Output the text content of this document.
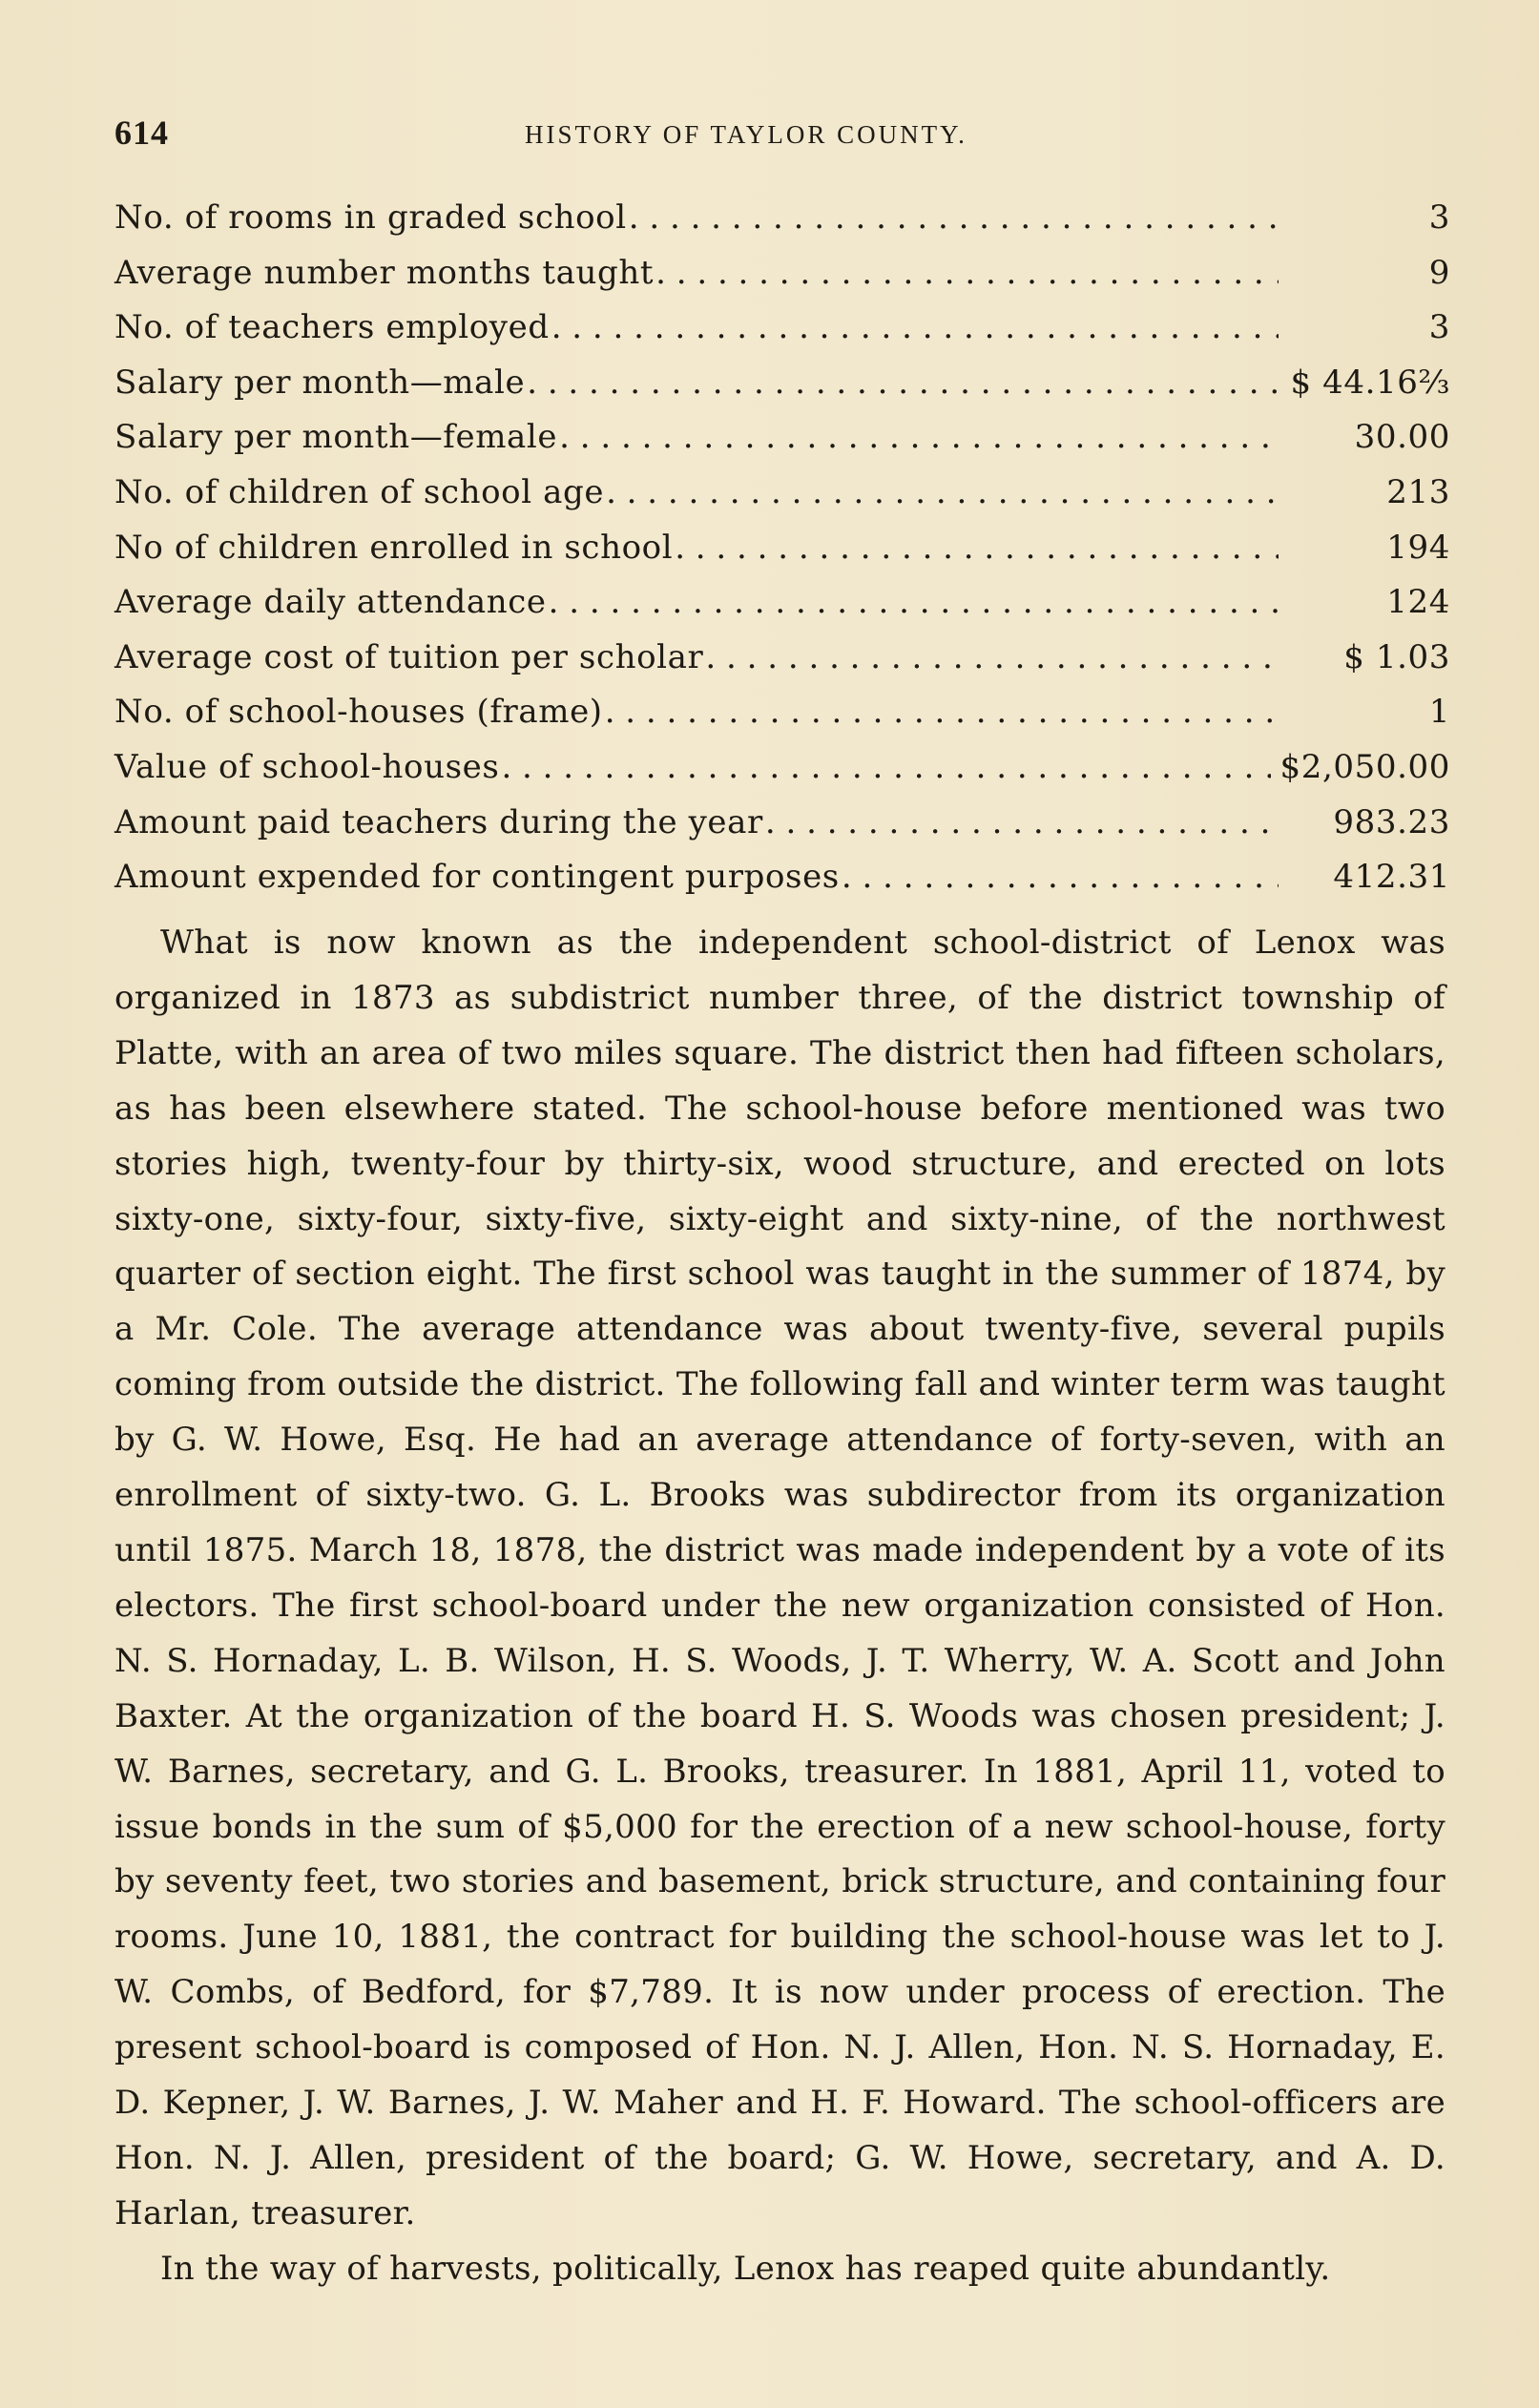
614	HISTORY OF TAYLOR COUNTY.
No. of rooms in graded school . . .	3
Average number months taught . . .	9
No. of teachers employed . . .	3
Salary per month—male . . .	$ 44.16⅔
Salary per month—female . . .	30.00
No. of children of school age . . .	213
No of children enrolled in school . . .	194
Average daily attendance . . .	124
Average cost of tuition per scholar . . .	$ 1.03
No. of school-houses (frame) . . .	1
Value of school-houses . . .	$2,050.00
Amount paid teachers during the year . . .	983.23
Amount expended for contingent purposes . . .	412.31

What is now known as the independent school-district of Lenox was organized in 1873 as subdistrict number three, of the district township of Platte, with an area of two miles square. The district then had fifteen scholars, as has been elsewhere stated. The school-house before mentioned was two stories high, twenty-four by thirty-six, wood structure, and erected on lots sixty-one, sixty-four, sixty-five, sixty-eight and sixty-nine, of the northwest quarter of section eight. The first school was taught in the summer of 1874, by a Mr. Cole. The average attendance was about twenty-five, several pupils coming from outside the district. The following fall and winter term was taught by G. W. Howe, Esq. He had an average attendance of forty-seven, with an enrollment of sixty-two. G. L. Brooks was subdirector from its organization until 1875. March 18, 1878, the district was made independent by a vote of its electors. The first school-board under the new organization consisted of Hon. N. S. Hornaday, L. B. Wilson, H. S. Woods, J. T. Wherry, W. A. Scott and John Baxter. At the organization of the board H. S. Woods was chosen president; J. W. Barnes, secretary, and G. L. Brooks, treasurer. In 1881, April 11, voted to issue bonds in the sum of $5,000 for the erection of a new school-house, forty by seventy feet, two stories and basement, brick structure, and containing four rooms. June 10, 1881, the contract for building the school-house was let to J. W. Combs, of Bedford, for $7,789. It is now under process of erection. The present school-board is composed of Hon. N. J. Allen, Hon. N. S. Hornaday, E. D. Kepner, J. W. Barnes, J. W. Maher and H. F. Howard. The school-officers are Hon. N. J. Allen, president of the board; G. W. Howe, secretary, and A. D. Harlan, treasurer.

In the way of harvests, politically, Lenox has reaped quite abundantly.
